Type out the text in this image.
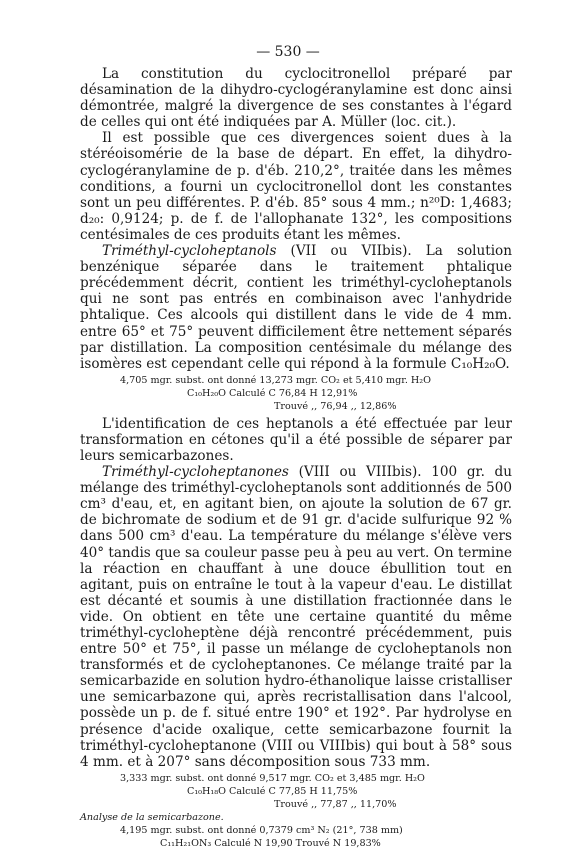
— 530 —

La constitution du cyclocitronellol préparé par désamination de la dihydro-cyclogéranylamine est donc ainsi démontrée, malgré la divergence de ses constantes à l'égard de celles qui ont été indiquées par A. Müller (loc. cit.).

Il est possible que ces divergences soient dues à la stéréoisomérie de la base de départ. En effet, la dihydro-cyclogéranylamine de p. d'éb. 210,2°, traitée dans les mêmes conditions, a fourni un cyclocitronellol dont les constantes sont un peu différentes. P. d'éb. 85° sous 4 mm.; n²⁰D: 1,4683; d₂₀: 0,9124; p. de f. de l'allophanate 132°, les compositions centésimales de ces produits étant les mêmes.

Triméthyl-cycloheptanols (VII ou VIIbis). La solution benzénique séparée dans le traitement phtalique précédemment décrit, contient les triméthyl-cycloheptanols qui ne sont pas entrés en combinaison avec l'anhydride phtalique. Ces alcools qui distillent dans le vide de 4 mm. entre 65° et 75° peuvent difficilement être nettement séparés par distillation. La composition centésimale du mélange des isomères est cependant celle qui répond à la formule C₁₀H₂₀O.

4,705 mgr. subst. ont donné 13,273 mgr. CO₂ et 5,410 mgr. H₂O
C₁₀H₂₀O Calculé C 76,84 H 12,91%
Trouvé ,, 76,94 ,, 12,86%

L'identification de ces heptanols a été effectuée par leur transformation en cétones qu'il a été possible de séparer par leurs semicarbazones.

Triméthyl-cycloheptanones (VIII ou VIIIbis). 100 gr. du mélange des triméthyl-cycloheptanols sont additionnés de 500 cm³ d'eau, et, en agitant bien, on ajoute la solution de 67 gr. de bichromate de sodium et de 91 gr. d'acide sulfurique 92 % dans 500 cm³ d'eau. La température du mélange s'élève vers 40° tandis que sa couleur passe peu à peu au vert. On termine la réaction en chauffant à une douce ébullition tout en agitant, puis on entraîne le tout à la vapeur d'eau. Le distillat est décanté et soumis à une distillation fractionnée dans le vide. On obtient en tête une certaine quantité du même triméthyl-cycloheptène déjà rencontré précédemment, puis entre 50° et 75°, il passe un mélange de cycloheptanols non transformés et de cycloheptanones. Ce mélange traité par la semicarbazide en solution hydro-éthanolique laisse cristalliser une semicarbazone qui, après recristallisation dans l'alcool, possède un p. de f. situé entre 190° et 192°. Par hydrolyse en présence d'acide oxalique, cette semicarbazone fournit la triméthyl-cycloheptanone (VIII ou VIIIbis) qui bout à 58° sous 4 mm. et à 207° sans décomposition sous 733 mm.

3,333 mgr. subst. ont donné 9,517 mgr. CO₂ et 3,485 mgr. H₂O
C₁₀H₁₈O Calculé C 77,85 H 11,75%
Trouvé ,, 77,87 ,, 11,70%
Analyse de la semicarbazone.
4,195 mgr. subst. ont donné 0,7379 cm³ N₂ (21°, 738 mm)
C₁₁H₂₁ON₃ Calculé N 19,90 Trouvé N 19,83%
